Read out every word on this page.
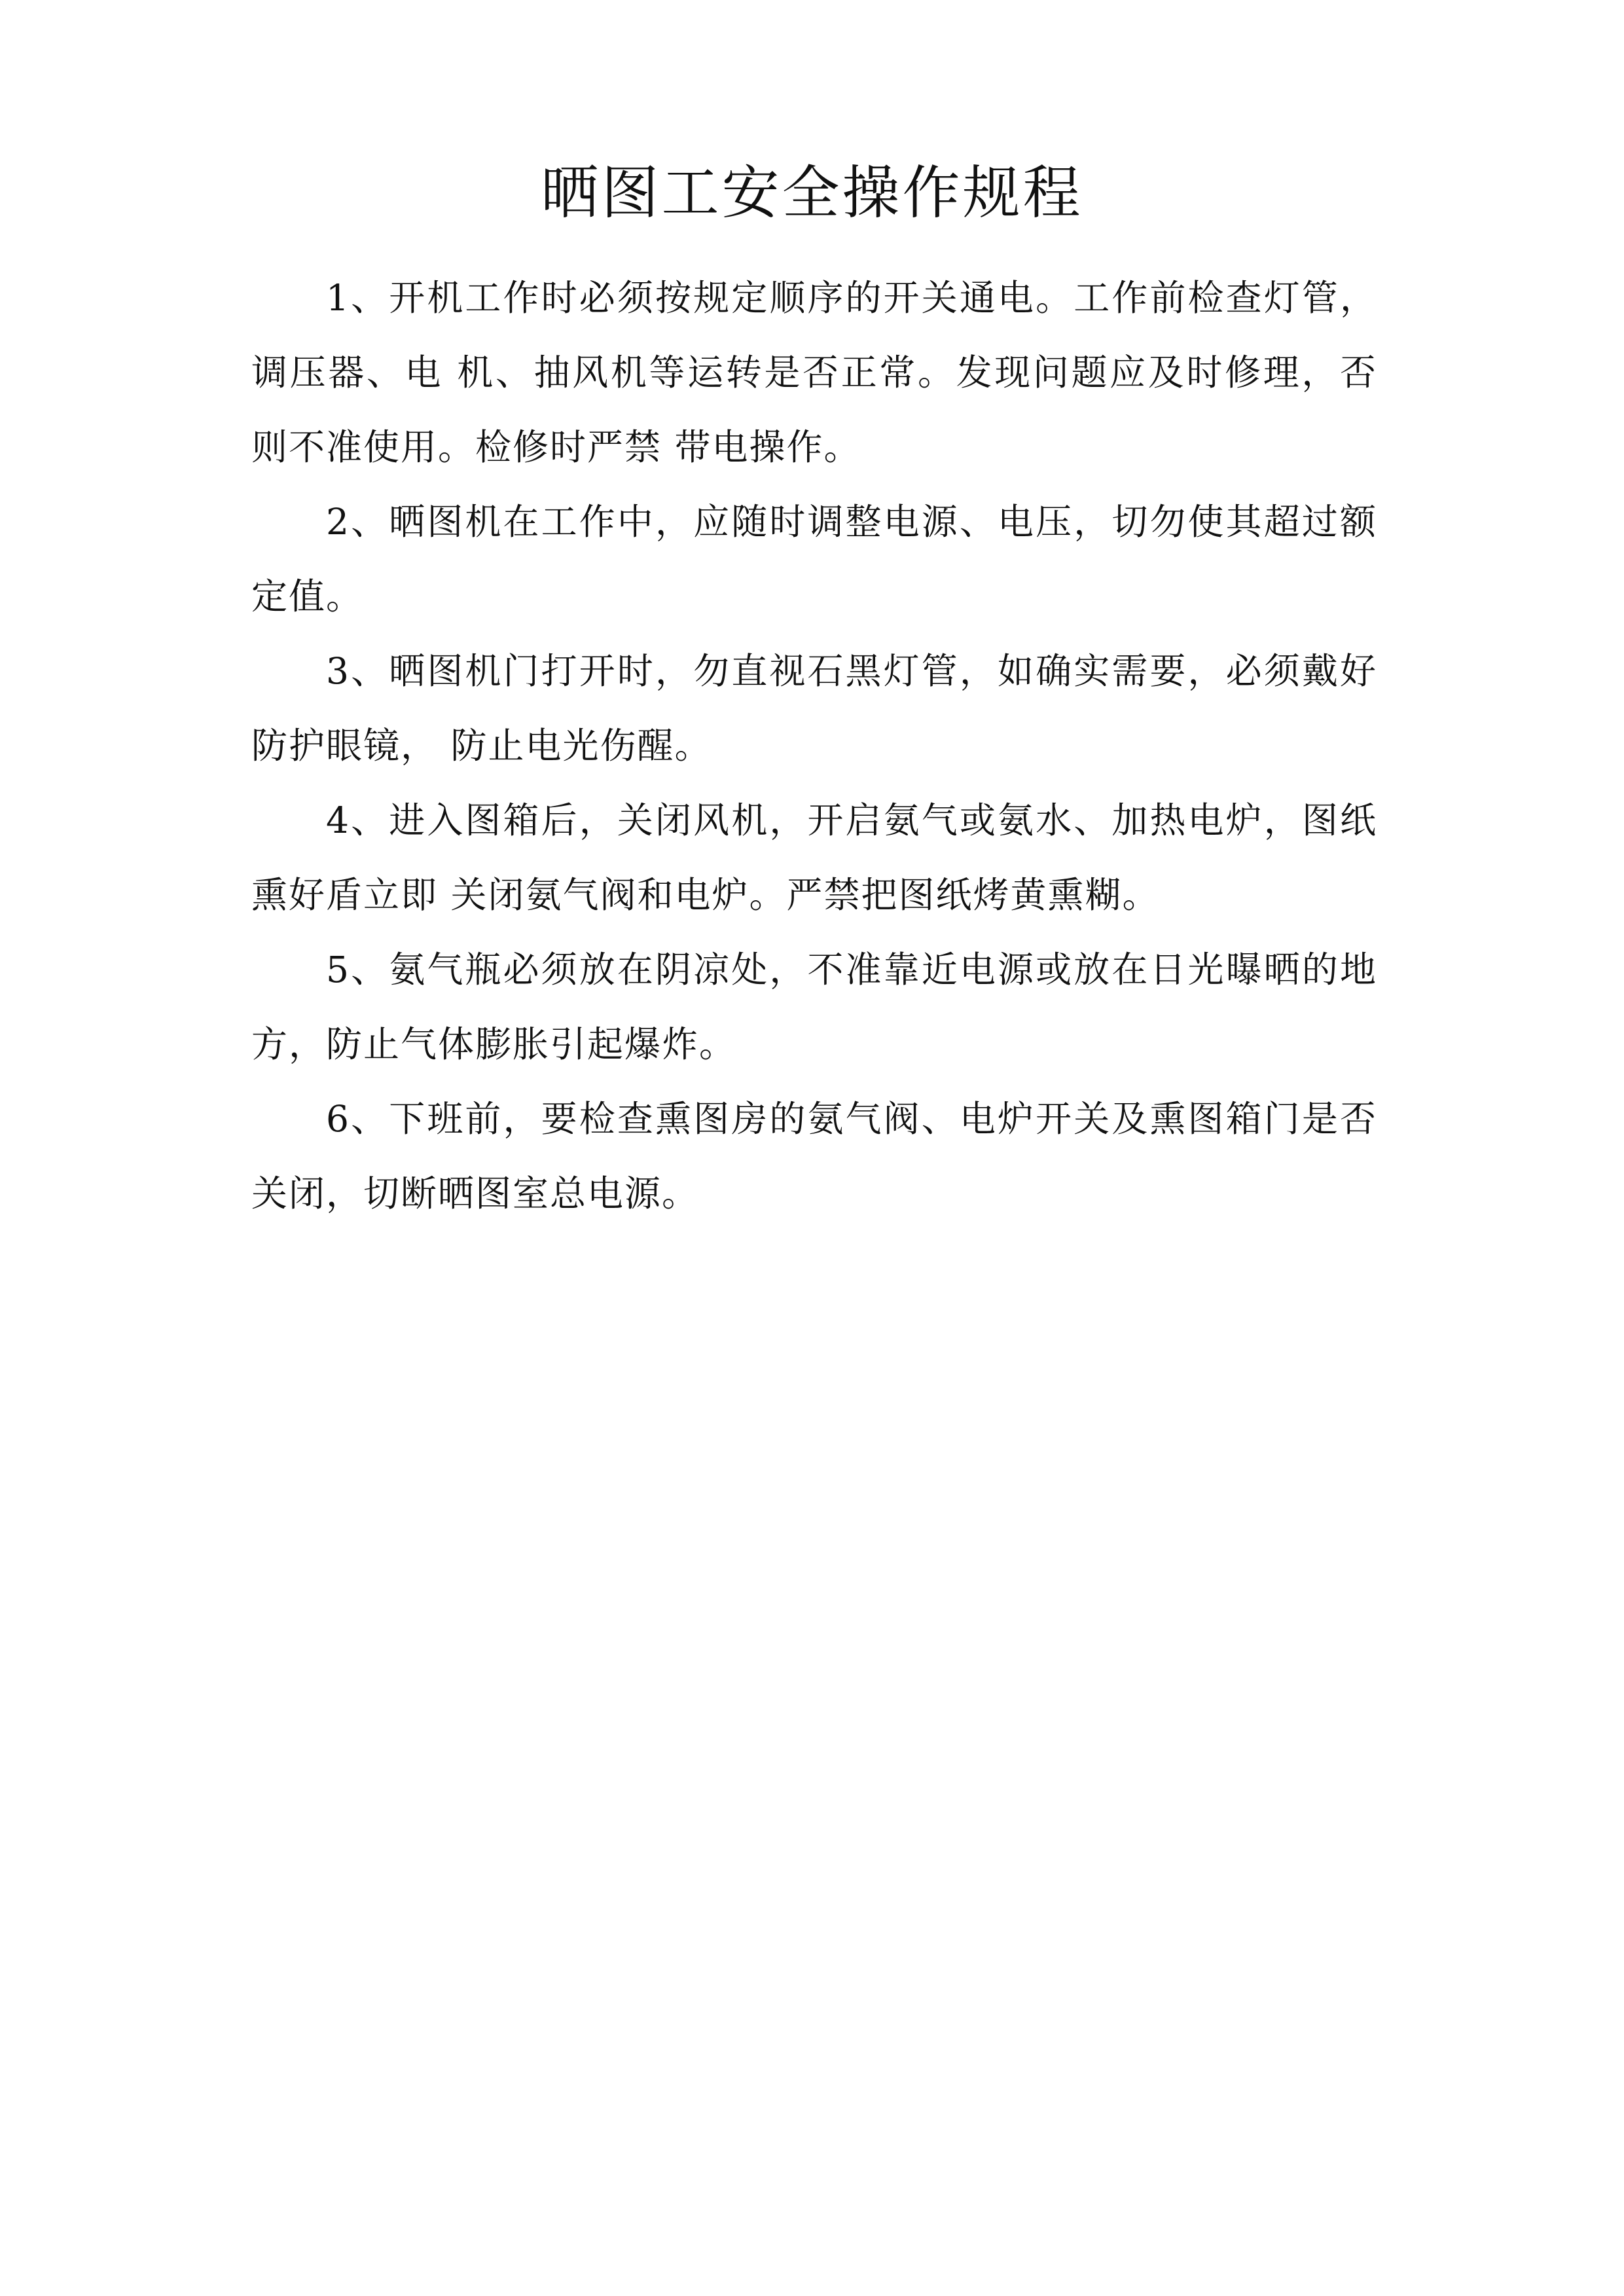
晒图工安全操作规程

1、开机工作时必须按规定顺序的开关通电。工作前检查灯管，调压器、电 机、抽风机等运转是否正常。发现问题应及时修理，否则不准使用。检修时严禁 带电操作。

2、晒图机在工作中，应随时调整电源、电压，切勿使其超过额定值。

3、晒图机门打开时，勿直视石黑灯管，如确实需要，必须戴好防护眼镜， 防止电光伤醒。

4、进入图箱后，关闭风机，开启氨气或氨水、加热电炉，图纸熏好盾立即 关闭氨气阀和电炉。严禁把图纸烤黄熏糊。

5、氨气瓶必须放在阴凉处，不准靠近电源或放在日光曝晒的地方，防止气体膨胀引起爆炸。

6、下班前，要检查熏图房的氨气阀、电炉开关及熏图箱门是否关闭，切断晒图室总电源。
